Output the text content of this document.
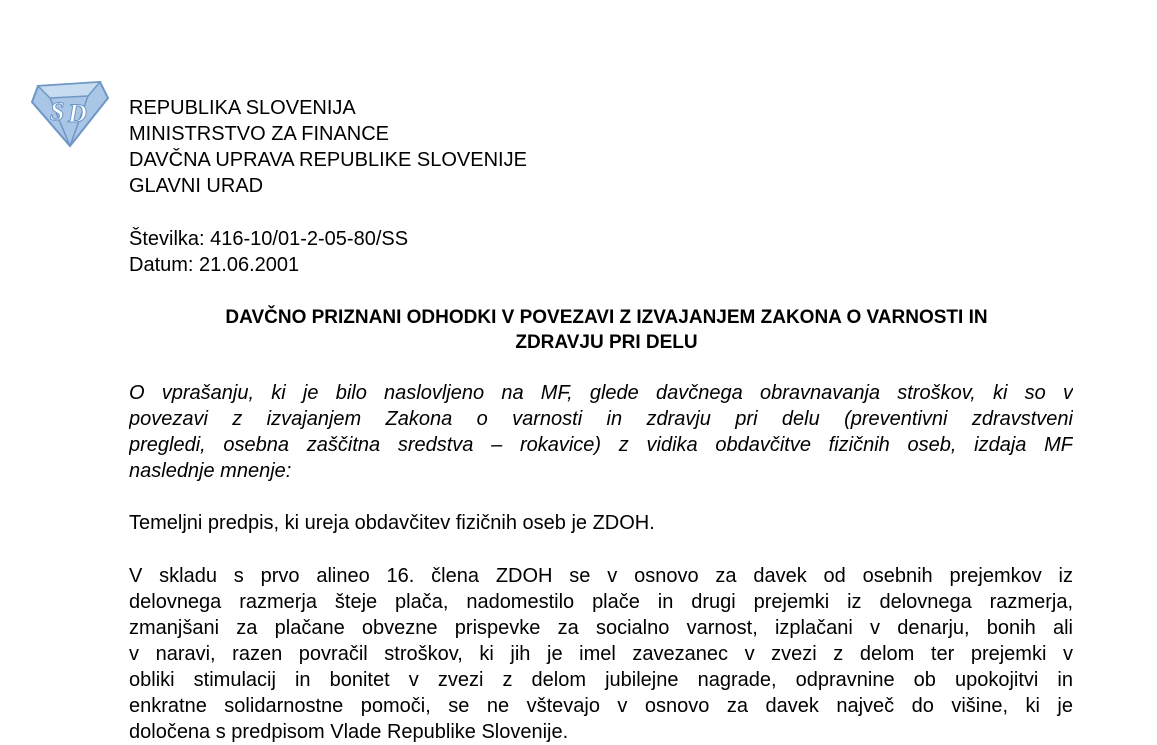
S D REPUBLIKA SLOVENIJA
MINISTRSTVO ZA FINANCE
DAVČNA UPRAVA REPUBLIKE SLOVENIJE
GLAVNI URAD
Številka: 416-10/01-2-05-80/SS
Datum: 21.06.2001
DAVČNO PRIZNANI ODHODKI V POVEZAVI Z IZVAJANJEM ZAKONA O VARNOSTI IN
ZDRAVJU PRI DELU
O vprašanju, ki je bilo naslovljeno na MF, glede davčnega obravnavanja stroškov, ki so v
povezavi z izvajanjem Zakona o varnosti in zdravju pri delu (preventivni zdravstveni
pregledi, osebna zaščitna sredstva – rokavice) z vidika obdavčitve fizičnih oseb, izdaja MF
naslednje mnenje:
Temeljni predpis, ki ureja obdavčitev fizičnih oseb je ZDOH.
V skladu s prvo alineo 16. člena ZDOH se v osnovo za davek od osebnih prejemkov iz
delovnega razmerja šteje plača, nadomestilo plače in drugi prejemki iz delovnega razmerja,
zmanjšani za plačane obvezne prispevke za socialno varnost, izplačani v denarju, bonih ali
v naravi, razen povračil stroškov, ki jih je imel zavezanec v zvezi z delom ter prejemki v
obliki stimulacij in bonitet v zvezi z delom jubilejne nagrade, odpravnine ob upokojitvi in
enkratne solidarnostne pomoči, se ne vštevajo v osnovo za davek največ do višine, ki je
določena s predpisom Vlade Republike Slovenije.
